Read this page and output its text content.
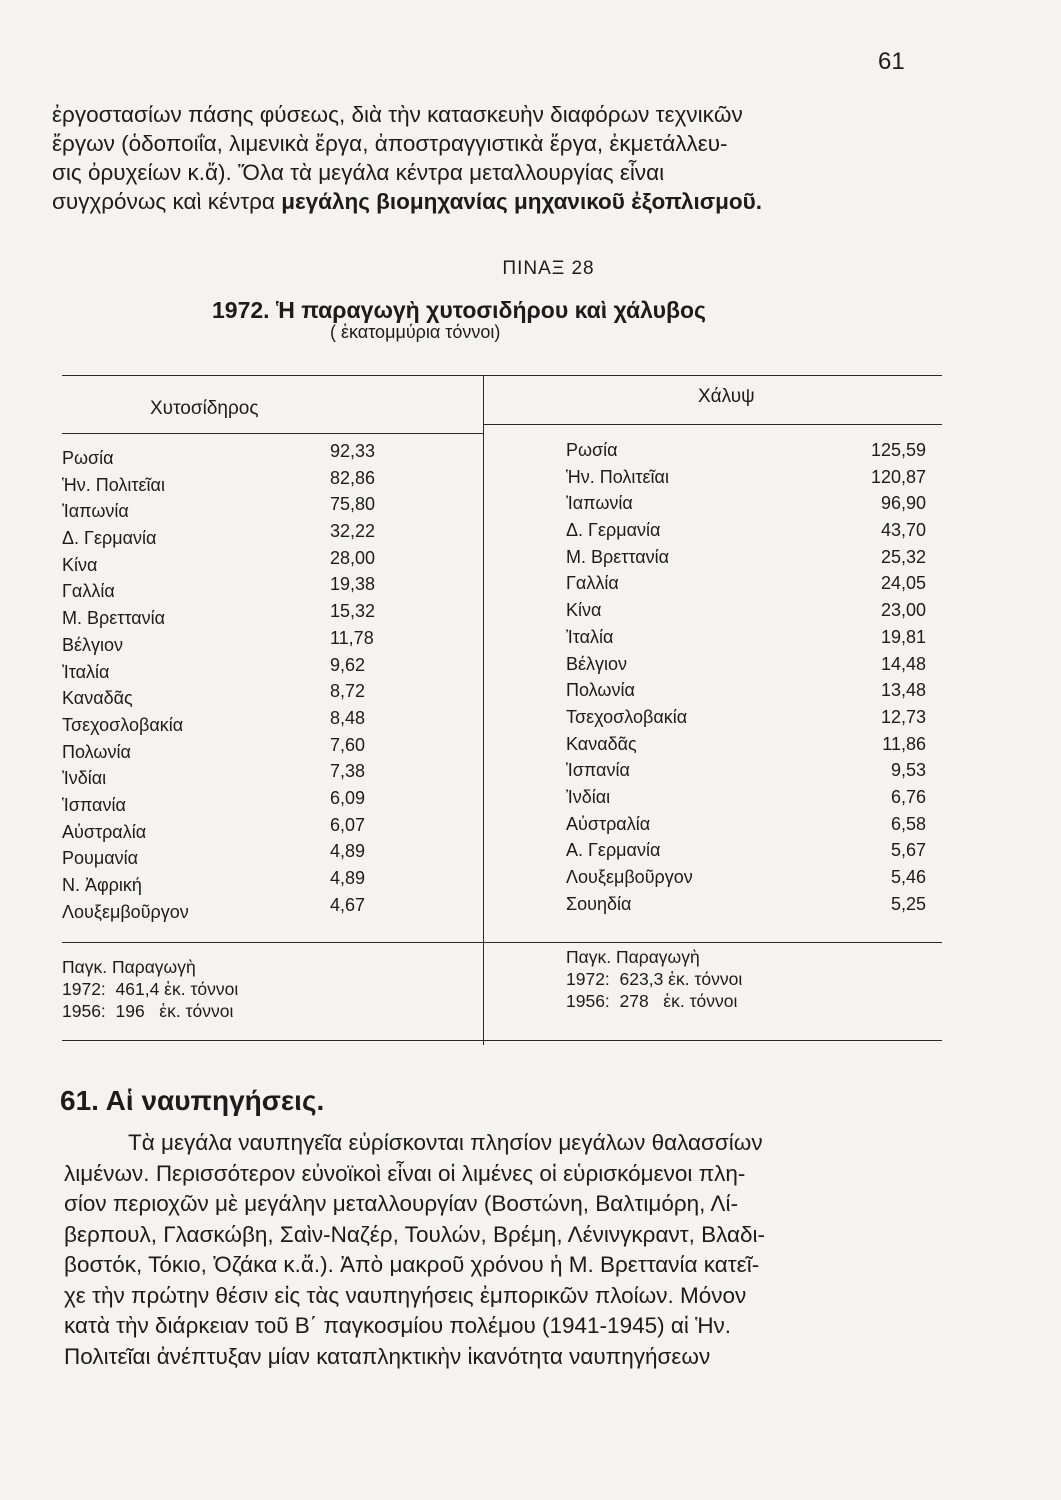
61

ἐργοστασίων πάσης φύσεως, διὰ τὴν κατασκευὴν διαφόρων τεχνικῶν

ἔργων (ὁδοποιΐα, λιμενικὰ ἔργα, ἀποστραγγιστικὰ ἔργα, ἐκμετάλλευ-

σις ὀρυχείων κ.ἄ). Ὅλα τὰ μεγάλα κέντρα μεταλλουργίας εἶναι

συγχρόνως καὶ κέντρα μεγάλης βιομηχανίας μηχανικοῦ ἐξοπλισμοῦ.

ΠΙΝΑΞ 28
1972. Ἡ παραγωγὴ χυτοσιδήρου καὶ χάλυβος
( ἑκατομμύρια τόννοι)
Χυτοσίδηρος
Χάλυψ
Ρωσία	92,33
Ἡν. Πολιτεῖαι	82,86
Ἰαπωνία	75,80
Δ. Γερμανία	32,22
Κίνα	28,00
Γαλλία	19,38
Μ. Βρεττανία	15,32
Βέλγιον	11,78
Ἰταλία	9,62
Καναδᾶς	8,72
Τσεχοσλοβακία	8,48
Πολωνία	7,60
Ἰνδίαι	7,38
Ἱσπανία	6,09
Αὐστραλία	6,07
Ρουμανία	4,89
Ν. Ἀφρική	4,89
Λουξεμβοῦργον	4,67
Ρωσία	125,59
Ἡν. Πολιτεῖαι	120,87
Ἰαπωνία	96,90
Δ. Γερμανία	43,70
Μ. Βρεττανία	25,32
Γαλλία	24,05
Κίνα	23,00
Ἰταλία	19,81
Βέλγιον	14,48
Πολωνία	13,48
Τσεχοσλοβακία	12,73
Καναδᾶς	11,86
Ἱσπανία	9,53
Ἰνδίαι	6,76
Αὐστραλία	6,58
Α. Γερμανία	5,67
Λουξεμβοῦργον	5,46
Σουηδία	5,25
Παγκ. Παραγωγὴ
1972:  461,4 ἑκ. τόννοι
1956:  196   ἑκ. τόννοι
Παγκ. Παραγωγὴ
1972:  623,3 ἑκ. τόννοι
1956:  278   ἑκ. τόννοι
61. Αἱ ναυπηγήσεις.

Τὰ μεγάλα ναυπηγεῖα εὑρίσκονται πλησίον μεγάλων θαλασσίων

λιμένων. Περισσότερον εὐνοϊκοὶ εἶναι οἱ λιμένες οἱ εὑρισκόμενοι πλη-

σίον περιοχῶν μὲ μεγάλην μεταλλουργίαν (Βοστώνη, Βαλτιμόρη, Λί-

βερπουλ, Γλασκώβη, Σαὶν-Ναζέρ, Τουλών, Βρέμη, Λένινγκραντ, Βλαδι-

βοστόκ, Τόκιο, Ὀζάκα κ.ἄ.). Ἀπὸ μακροῦ χρόνου ἡ Μ. Βρεττανία κατεῖ-

χε τὴν πρώτην θέσιν εἰς τὰς ναυπηγήσεις ἐμπορικῶν πλοίων. Μόνον

κατὰ τὴν διάρκειαν τοῦ Β΄ παγκοσμίου πολέμου (1941-1945) αἱ Ἡν.

Πολιτεῖαι ἀνέπτυξαν μίαν καταπληκτικὴν ἱκανότητα ναυπηγήσεων
